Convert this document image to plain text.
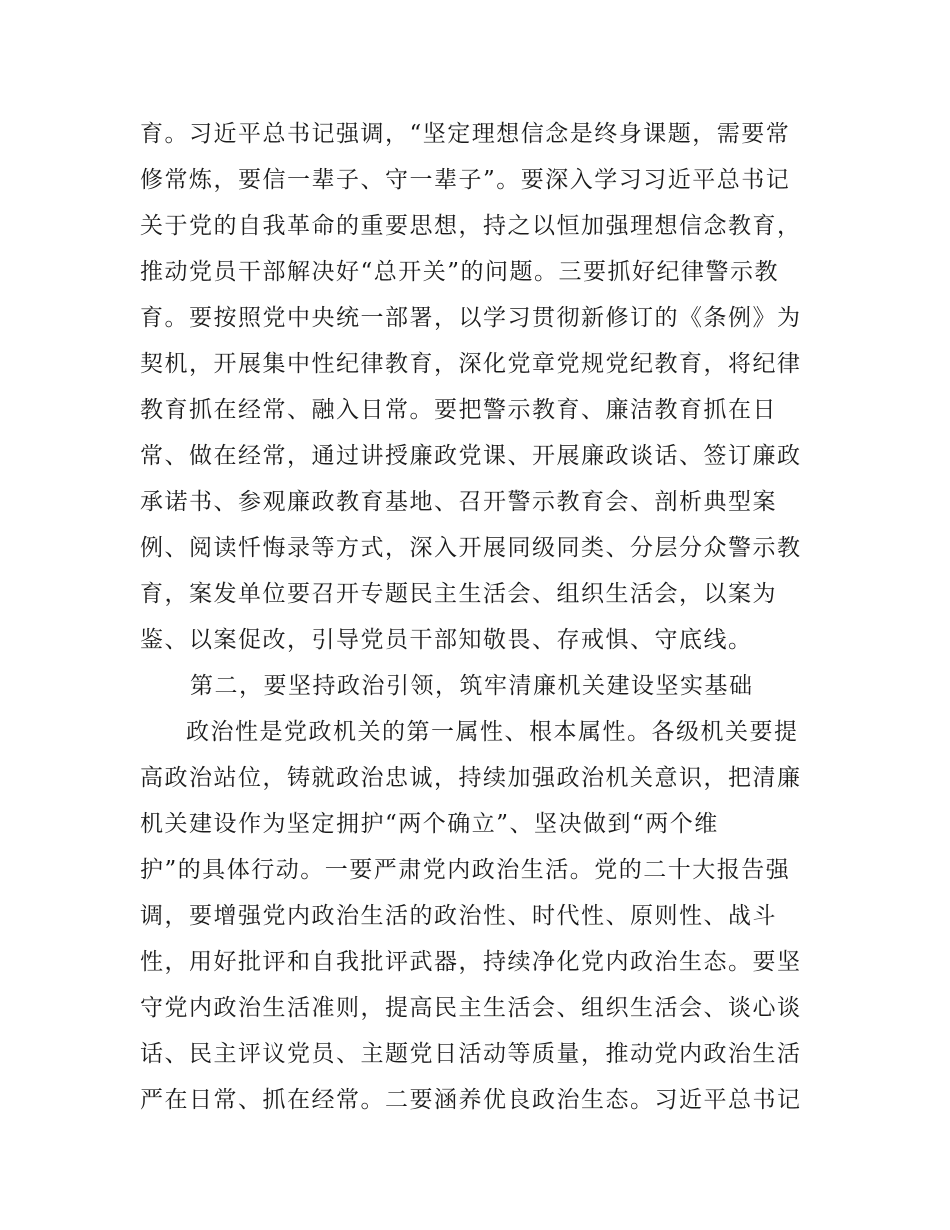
育。习近平总书记强调，“坚定理想信念是终身课题，需要常
修常炼，要信一辈子、守一辈子”。要深入学习习近平总书记
关于党的自我革命的重要思想，持之以恒加强理想信念教育，
推动党员干部解决好“总开关”的问题。三要抓好纪律警示教
育。要按照党中央统一部署，以学习贯彻新修订的《条例》为
契机，开展集中性纪律教育，深化党章党规党纪教育，将纪律
教育抓在经常、融入日常。要把警示教育、廉洁教育抓在日
常、做在经常，通过讲授廉政党课、开展廉政谈话、签订廉政
承诺书、参观廉政教育基地、召开警示教育会、剖析典型案
例、阅读忏悔录等方式，深入开展同级同类、分层分众警示教
育，案发单位要召开专题民主生活会、组织生活会，以案为
鉴、以案促改，引导党员干部知敬畏、存戒惧、守底线。
第二，要坚持政治引领，筑牢清廉机关建设坚实基础
政治性是党政机关的第一属性、根本属性。各级机关要提
高政治站位，铸就政治忠诚，持续加强政治机关意识，把清廉
机关建设作为坚定拥护“两个确立”、坚决做到“两个维
护”的具体行动。一要严肃党内政治生活。党的二十大报告强
调，要增强党内政治生活的政治性、时代性、原则性、战斗
性，用好批评和自我批评武器，持续净化党内政治生态。要坚
守党内政治生活准则，提高民主生活会、组织生活会、谈心谈
话、民主评议党员、主题党日活动等质量，推动党内政治生活
严在日常、抓在经常。二要涵养优良政治生态。习近平总书记
